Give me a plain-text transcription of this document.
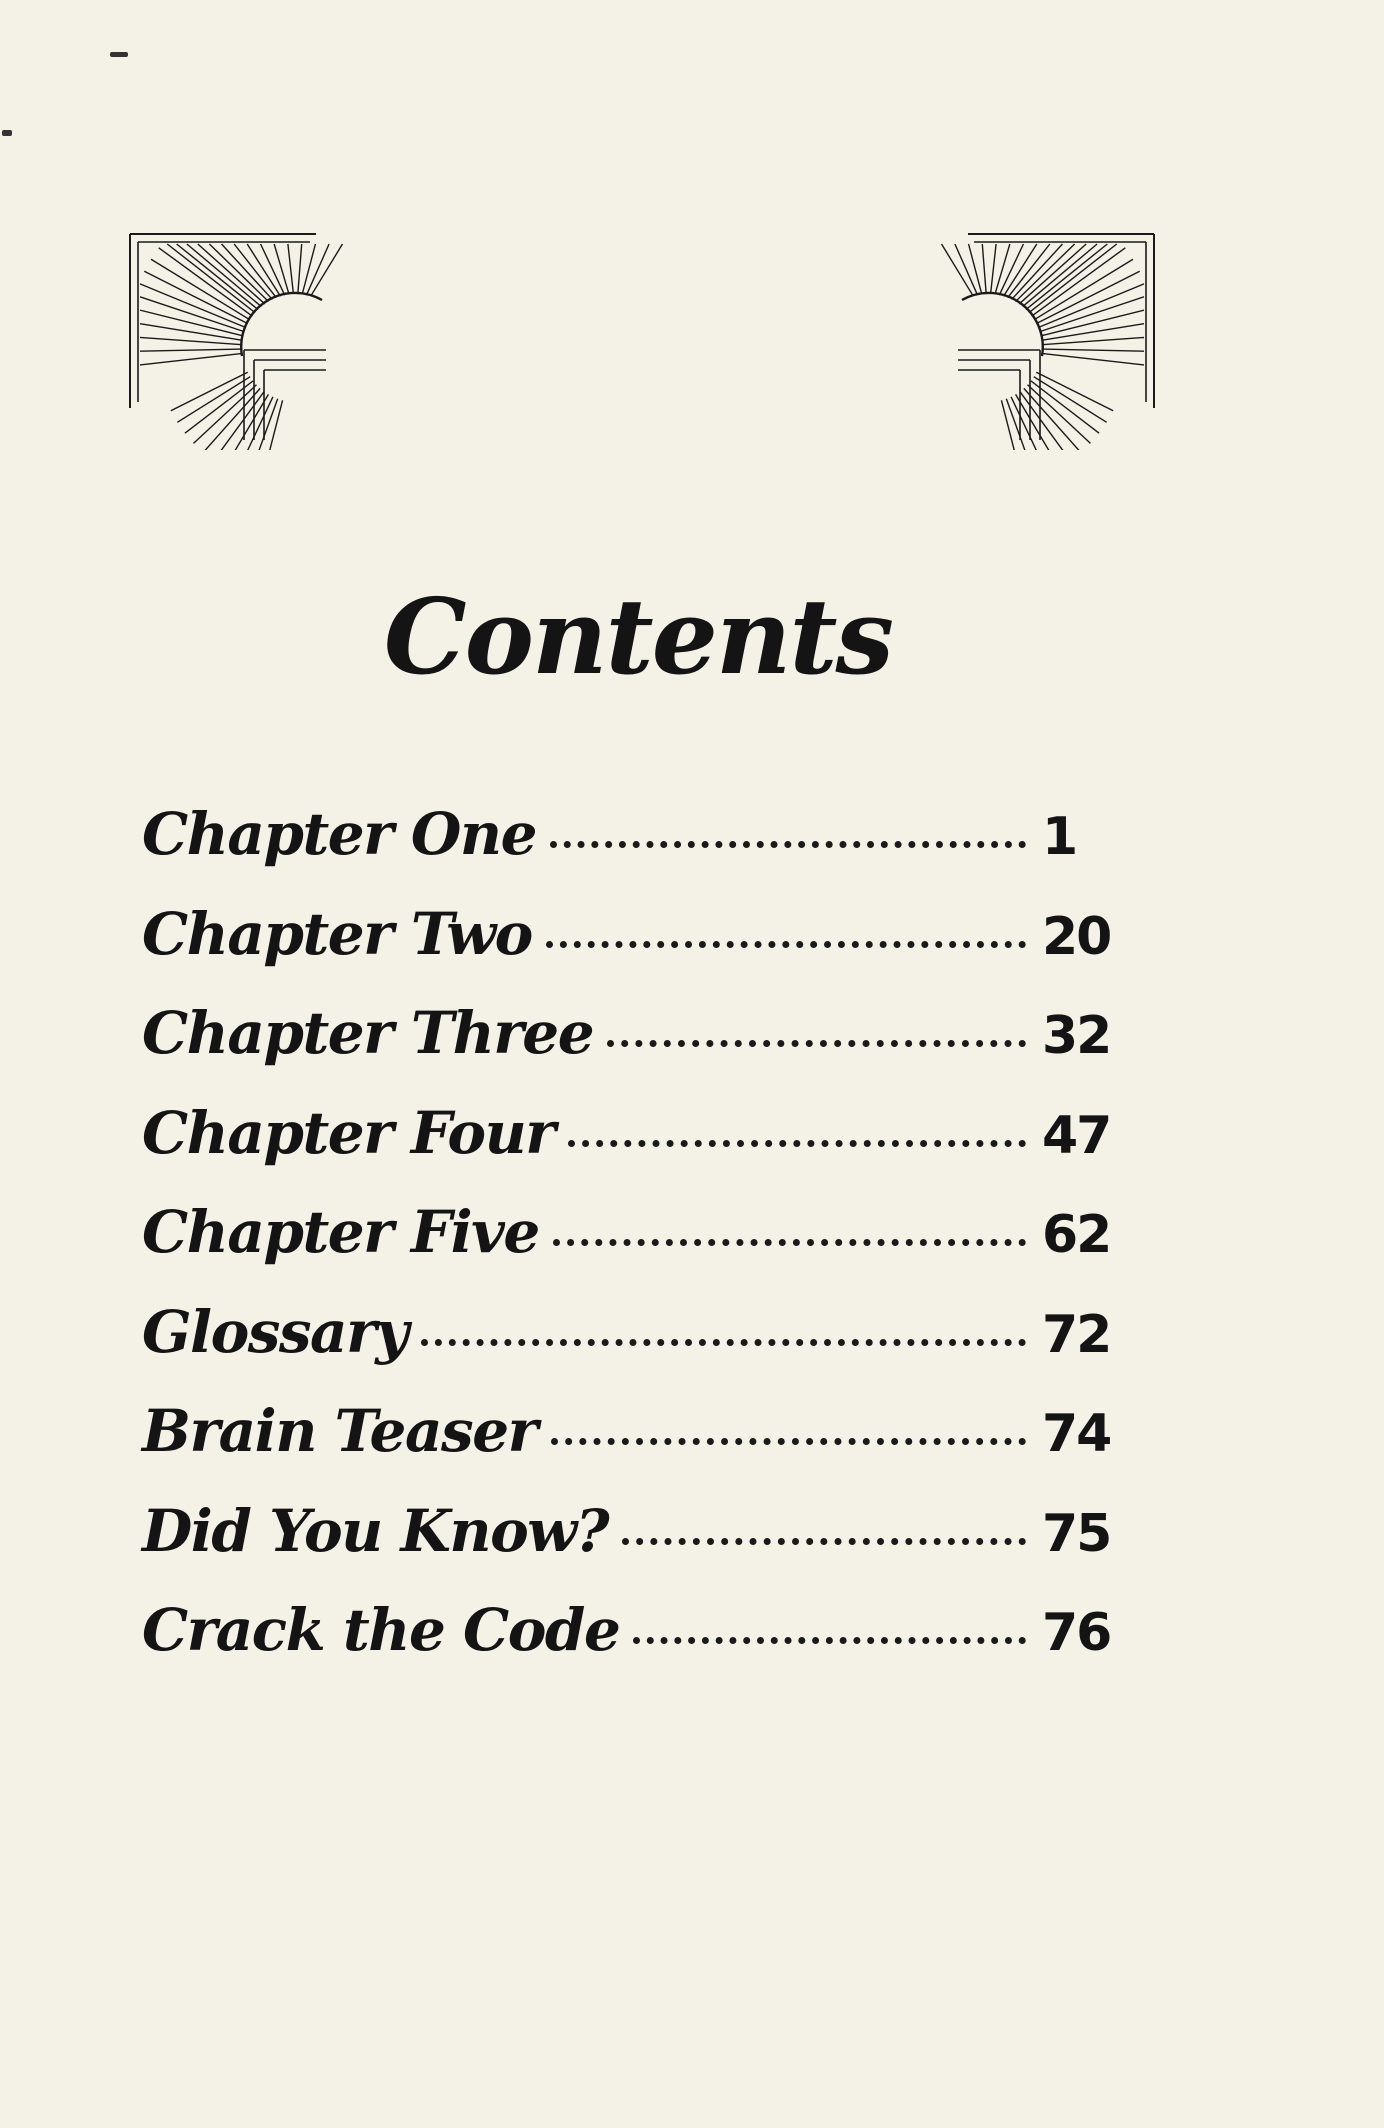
Contents
Chapter One	1
Chapter Two	20
Chapter Three	32
Chapter Four	47
Chapter Five	62
Glossary	72
Brain Teaser	74
Did You Know?	75
Crack the Code	76
